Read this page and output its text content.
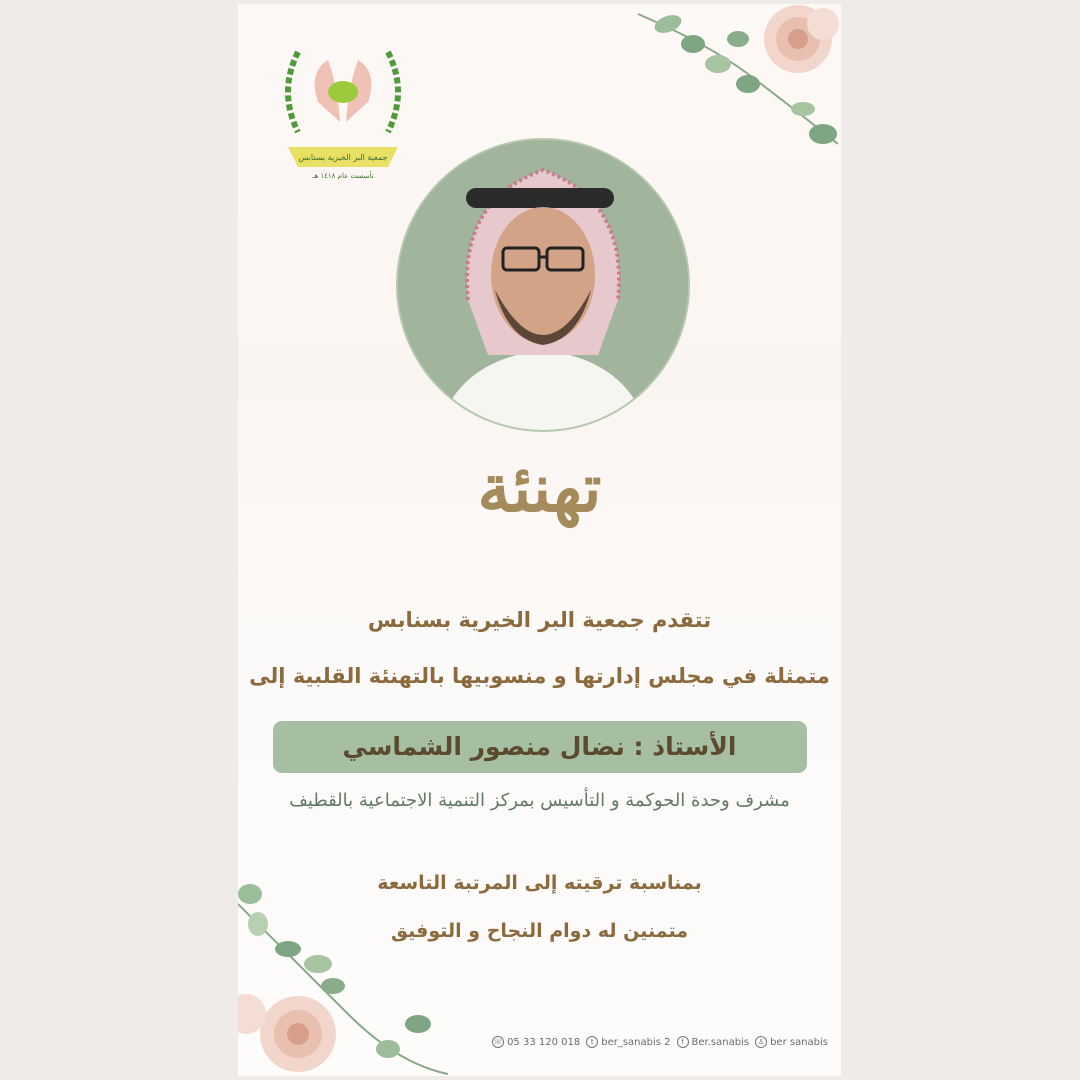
جمعية البر الخيرية بسنابس
تأسست عام ١٤١٨ هـ
تهنئة
تتقدم جمعية البر الخيرية بسنابس
متمثلة في مجلس إدارتها و منسوبيها بالتهنئة القلبية إلى
الأستاذ : نضال منصور الشماسي
مشرف وحدة الحوكمة و التأسيس بمركز التنمية الاجتماعية بالقطيف
بمناسبة ترقيته إلى المرتبة التاسعة
متمنين له دوام النجاح و التوفيق
☏ 05 33 120 018	t ber_sanabis 2	f Ber.sanabis	♙ ber sanabis
